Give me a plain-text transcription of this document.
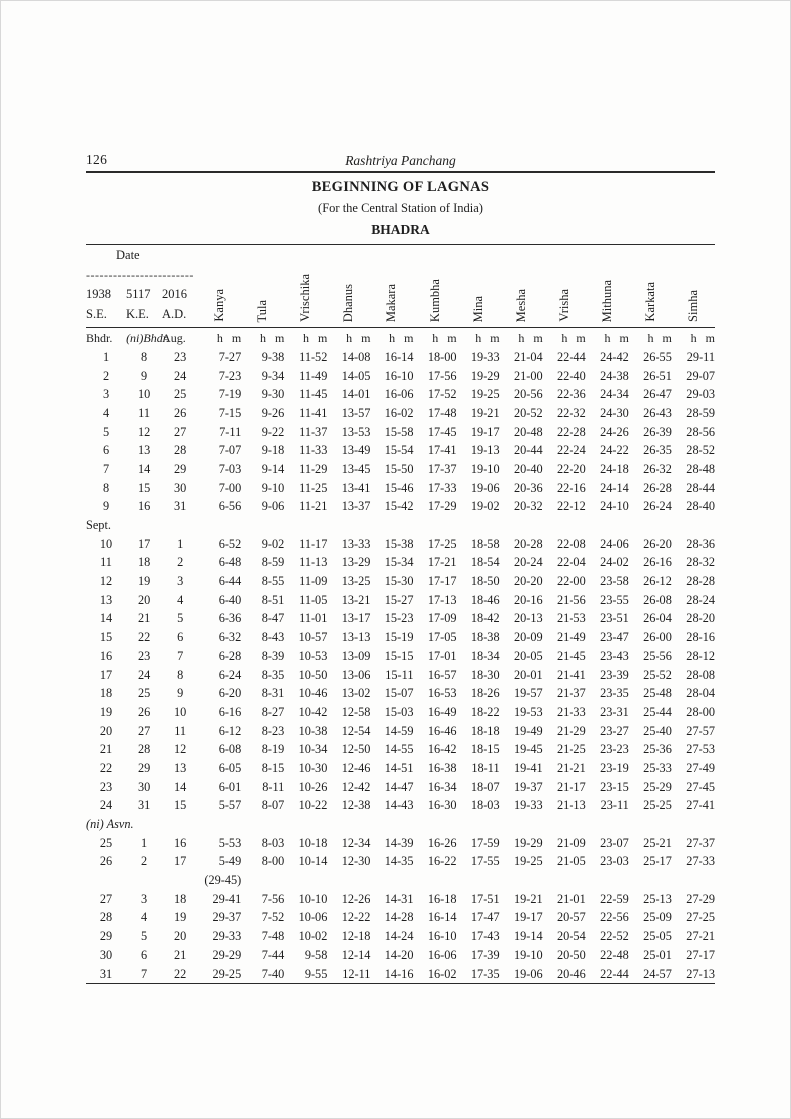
126	Rashtriya Panchang
BEGINNING OF LAGNAS
(For the Central Station of India)
BHADRA
Date
------------------------
1938	5117 2016
S.E.	K.E.	A.D.	Kanya	Tula	Vrischika	Dhanus	Makara	Kumbha	Mina	Mesha	Vrisha	Mithuna	Karkata	Simha
Bhdr.	(ni)Bhdr.	Aug.	h m	h m	h m	h m	h m	h m	h m	h m	h m	h m	h m	h m
1	8	23	7-27	9-38	11-52	14-08	16-14	18-00	19-33	21-04	22-44	24-42	26-55	29-11
2	9	24	7-23	9-34	11-49	14-05	16-10	17-56	19-29	21-00	22-40	24-38	26-51	29-07
3	10	25	7-19	9-30	11-45	14-01	16-06	17-52	19-25	20-56	22-36	24-34	26-47	29-03
4	11	26	7-15	9-26	11-41	13-57	16-02	17-48	19-21	20-52	22-32	24-30	26-43	28-59
5	12	27	7-11	9-22	11-37	13-53	15-58	17-45	19-17	20-48	22-28	24-26	26-39	28-56
6	13	28	7-07	9-18	11-33	13-49	15-54	17-41	19-13	20-44	22-24	24-22	26-35	28-52
7	14	29	7-03	9-14	11-29	13-45	15-50	17-37	19-10	20-40	22-20	24-18	26-32	28-48
8	15	30	7-00	9-10	11-25	13-41	15-46	17-33	19-06	20-36	22-16	24-14	26-28	28-44
9	16	31	6-56	9-06	11-21	13-37	15-42	17-29	19-02	20-32	22-12	24-10	26-24	28-40
Sept.														
10	17	1	6-52	9-02	11-17	13-33	15-38	17-25	18-58	20-28	22-08	24-06	26-20	28-36
11	18	2	6-48	8-59	11-13	13-29	15-34	17-21	18-54	20-24	22-04	24-02	26-16	28-32
12	19	3	6-44	8-55	11-09	13-25	15-30	17-17	18-50	20-20	22-00	23-58	26-12	28-28
13	20	4	6-40	8-51	11-05	13-21	15-27	17-13	18-46	20-16	21-56	23-55	26-08	28-24
14	21	5	6-36	8-47	11-01	13-17	15-23	17-09	18-42	20-13	21-53	23-51	26-04	28-20
15	22	6	6-32	8-43	10-57	13-13	15-19	17-05	18-38	20-09	21-49	23-47	26-00	28-16
16	23	7	6-28	8-39	10-53	13-09	15-15	17-01	18-34	20-05	21-45	23-43	25-56	28-12
17	24	8	6-24	8-35	10-50	13-06	15-11	16-57	18-30	20-01	21-41	23-39	25-52	28-08
18	25	9	6-20	8-31	10-46	13-02	15-07	16-53	18-26	19-57	21-37	23-35	25-48	28-04
19	26	10	6-16	8-27	10-42	12-58	15-03	16-49	18-22	19-53	21-33	23-31	25-44	28-00
20	27	11	6-12	8-23	10-38	12-54	14-59	16-46	18-18	19-49	21-29	23-27	25-40	27-57
21	28	12	6-08	8-19	10-34	12-50	14-55	16-42	18-15	19-45	21-25	23-23	25-36	27-53
22	29	13	6-05	8-15	10-30	12-46	14-51	16-38	18-11	19-41	21-21	23-19	25-33	27-49
23	30	14	6-01	8-11	10-26	12-42	14-47	16-34	18-07	19-37	21-17	23-15	25-29	27-45
24	31	15	5-57	8-07	10-22	12-38	14-43	16-30	18-03	19-33	21-13	23-11	25-25	27-41
(ni) Asvn.														
25	1	16	5-53	8-03	10-18	12-34	14-39	16-26	17-59	19-29	21-09	23-07	25-21	27-37
26	2	17	5-49	8-00	10-14	12-30	14-35	16-22	17-55	19-25	21-05	23-03	25-17	27-33
			(29-45)											
27	3	18	29-41	7-56	10-10	12-26	14-31	16-18	17-51	19-21	21-01	22-59	25-13	27-29
28	4	19	29-37	7-52	10-06	12-22	14-28	16-14	17-47	19-17	20-57	22-56	25-09	27-25
29	5	20	29-33	7-48	10-02	12-18	14-24	16-10	17-43	19-14	20-54	22-52	25-05	27-21
30	6	21	29-29	7-44	9-58	12-14	14-20	16-06	17-39	19-10	20-50	22-48	25-01	27-17
31	7	22	29-25	7-40	9-55	12-11	14-16	16-02	17-35	19-06	20-46	22-44	24-57	27-13
